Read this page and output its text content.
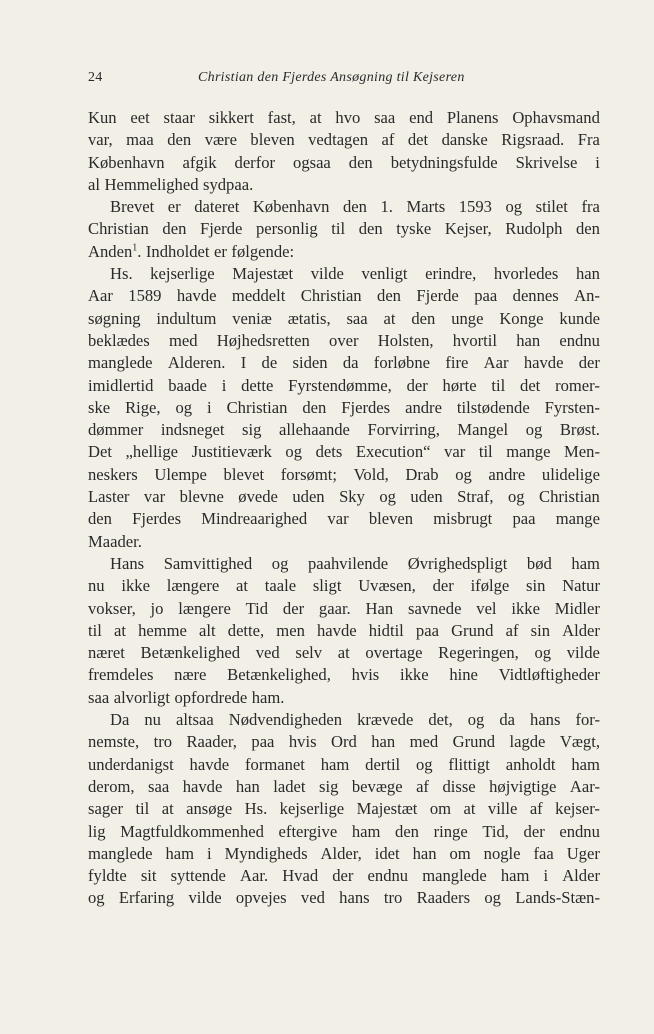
24	Christian den Fjerdes Ansøgning til Kejseren
Kun eet staar sikkert fast, at hvo saa end Planens Ophavsmand
var, maa den være bleven vedtagen af det danske Rigsraad. Fra
København afgik derfor ogsaa den betydningsfulde Skrivelse i
al Hemmelighed sydpaa.
Brevet er dateret København den 1. Marts 1593 og stilet fra
Christian den Fjerde personlig til den tyske Kejser, Rudolph den
Anden$^1$. Indholdet er følgende:
Hs. kejserlige Majestæt vilde venligt erindre, hvorledes han
Aar 1589 havde meddelt Christian den Fjerde paa dennes An-
søgning indultum veniæ ætatis, saa at den unge Konge kunde
beklædes med Højhedsretten over Holsten, hvortil han endnu
manglede Alderen. I de siden da forløbne fire Aar havde der
imidlertid baade i dette Fyrstendømme, der hørte til det romer-
ske Rige, og i Christian den Fjerdes andre tilstødende Fyrsten-
dømmer indsneget sig allehaande Forvirring, Mangel og Brøst.
Det „hellige Justitieværk og dets Execution“ var til mange Men-
neskers Ulempe blevet forsømt; Vold, Drab og andre ulidelige
Laster var blevne øvede uden Sky og uden Straf, og Christian
den Fjerdes Mindreaarighed var bleven misbrugt paa mange
Maader.
Hans Samvittighed og paahvilende Øvrighedspligt bød ham
nu ikke længere at taale sligt Uvæsen, der ifølge sin Natur
vokser, jo længere Tid der gaar. Han savnede vel ikke Midler
til at hemme alt dette, men havde hidtil paa Grund af sin Alder
næret Betænkelighed ved selv at overtage Regeringen, og vilde
fremdeles nære Betænkelighed, hvis ikke hine Vidtløftigheder
saa alvorligt opfordrede ham.
Da nu altsaa Nødvendigheden krævede det, og da hans for-
nemste, tro Raader, paa hvis Ord han med Grund lagde Vægt,
underdanigst havde formanet ham dertil og flittigt anholdt ham
derom, saa havde han ladet sig bevæge af disse højvigtige Aar-
sager til at ansøge Hs. kejserlige Majestæt om at ville af kejser-
lig Magtfuldkommenhed eftergive ham den ringe Tid, der endnu
manglede ham i Myndigheds Alder, idet han om nogle faa Uger
fyldte sit syttende Aar. Hvad der endnu manglede ham i Alder
og Erfaring vilde opvejes ved hans tro Raaders og Lands-Stæn-
